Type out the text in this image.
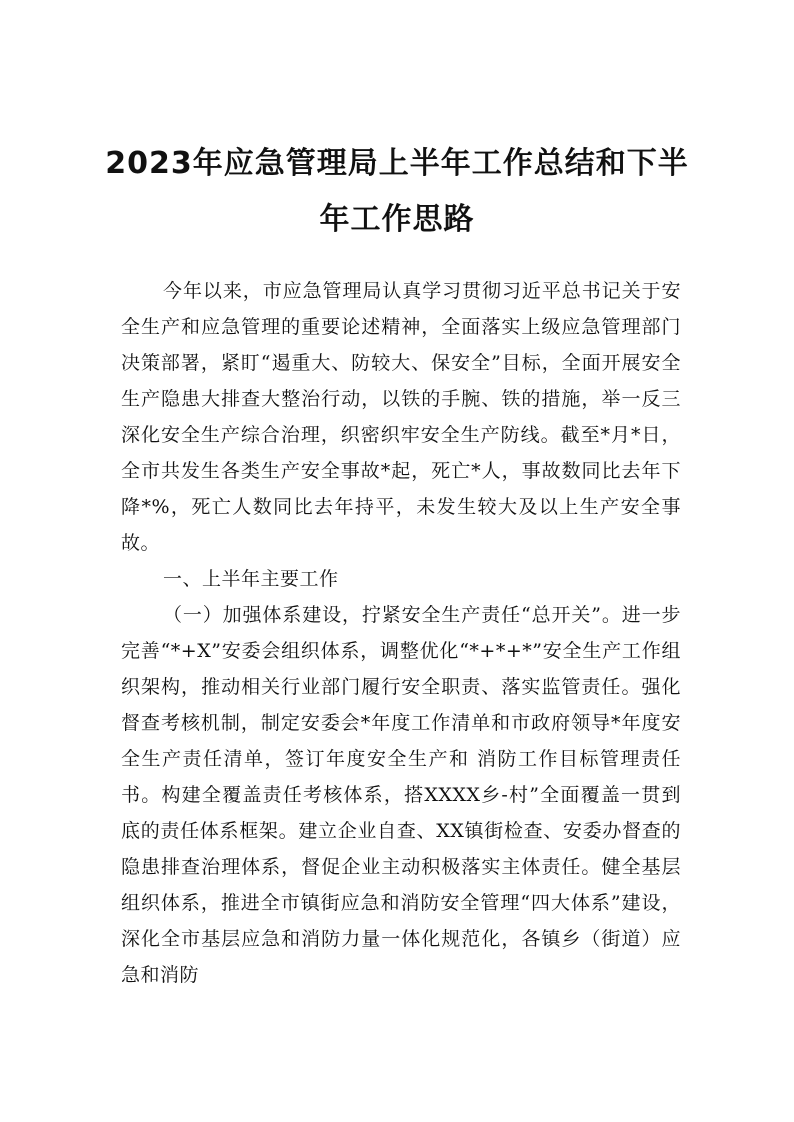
2023年应急管理局上半年工作总结和下半
年工作思路

今年以来，市应急管理局认真学习贯彻习近平总书记关于安全生产和应急管理的重要论述精神，全面落实上级应急管理部门决策部署，紧盯“遏重大、防较大、保安全”目标，全面开展安全生产隐患大排查大整治行动，以铁的手腕、铁的措施，举一反三深化安全生产综合治理，织密织牢安全生产防线。截至*月*日，全市共发生各类生产安全事故*起，死亡*人，事故数同比去年下降*%，死亡人数同比去年持平，未发生较大及以上生产安全事故。

一、上半年主要工作

（一）加强体系建设，拧紧安全生产责任“总开关”。进一步完善“*+X”安委会组织体系，调整优化“*+*+*”安全生产工作组织架构，推动相关行业部门履行安全职责、落实监管责任。强化督查考核机制，制定安委会*年度工作清单和市政府领导*年度安全生产责任清单，签订年度安全生产和 消防工作目标管理责任书。构建全覆盖责任考核体系，搭XXXX乡-村”全面覆盖一贯到底的责任体系框架。建立企业自查、XX镇街检查、安委办督查的隐患排查治理体系，督促企业主动积极落实主体责任。健全基层组织体系，推进全市镇街应急和消防安全管理“四大体系”建设，深化全市基层应急和消防力量一体化规范化，各镇乡（街道）应急和消防
